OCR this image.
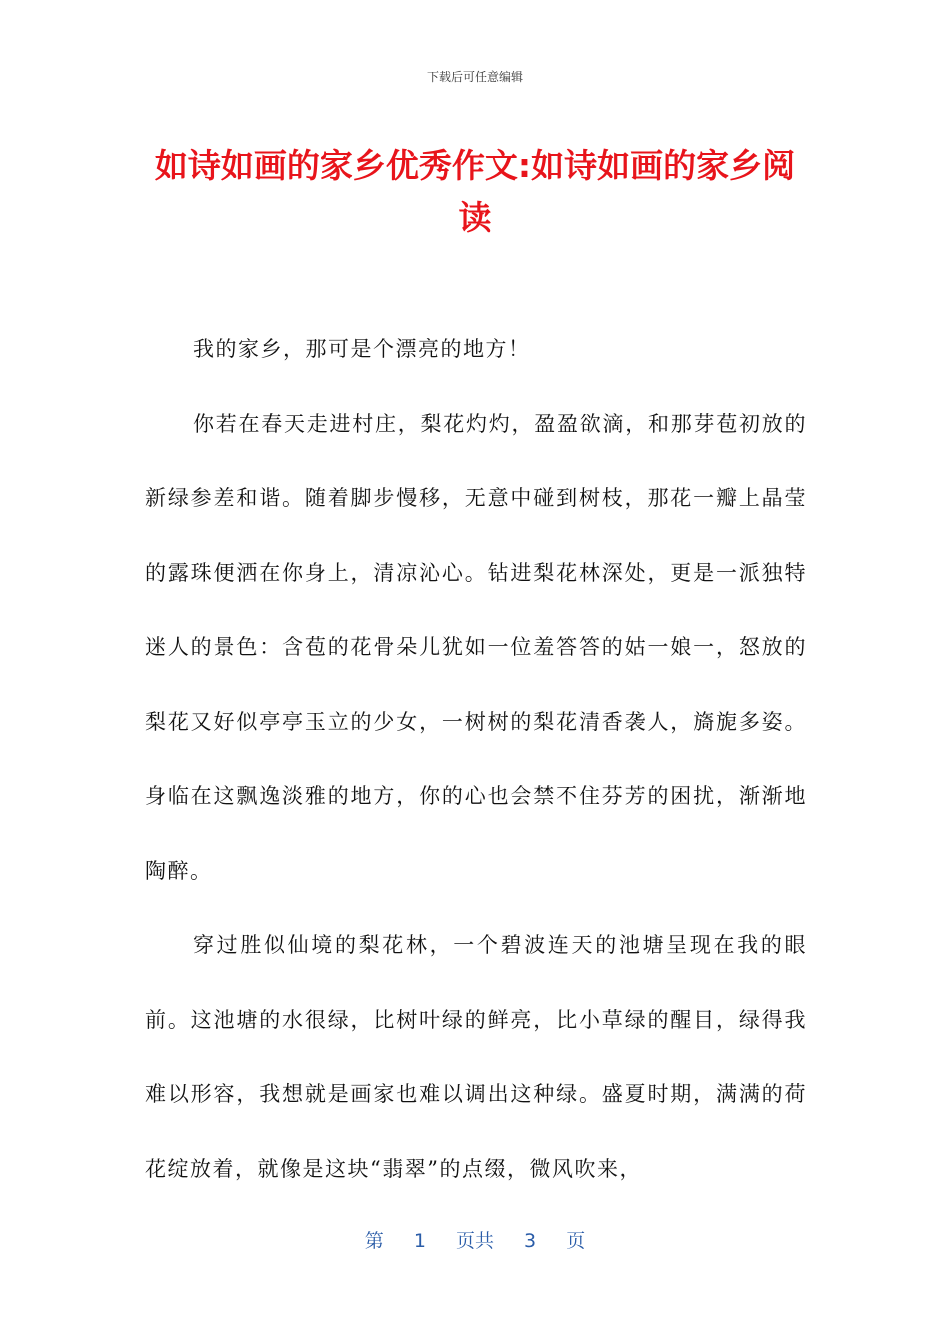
下载后可任意编辑
如诗如画的家乡优秀作文:如诗如画的家乡阅读

我的家乡，那可是个漂亮的地方！

你若在春天走进村庄，梨花灼灼，盈盈欲滴，和那芽苞初放的新绿参差和谐。随着脚步慢移，无意中碰到树枝，那花一瓣上晶莹的露珠便洒在你身上，清凉沁心。钻进梨花林深处，更是一派独特迷人的景色：含苞的花骨朵儿犹如一位羞答答的姑一娘一，怒放的梨花又好似亭亭玉立的少女，一树树的梨花清香袭人，旖旎多姿。身临在这飘逸淡雅的地方，你的心也会禁不住芬芳的困扰，渐渐地陶醉。

穿过胜似仙境的梨花林，一个碧波连天的池塘呈现在我的眼前。这池塘的水很绿，比树叶绿的鲜亮，比小草绿的醒目，绿得我难以形容，我想就是画家也难以调出这种绿。盛夏时期，满满的荷花绽放着，就像是这块“翡翠”的点缀，微风吹来，

第 1 页共 3 页
